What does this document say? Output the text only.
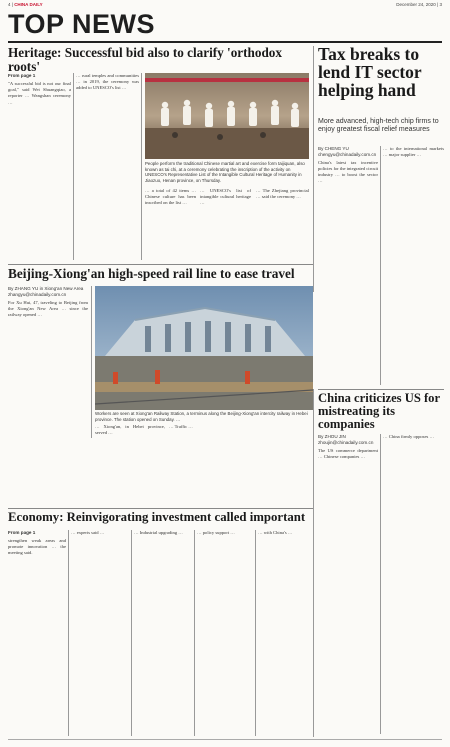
4 | CHINA DAILY	December 24, 2020 | 3
TOP NEWS
Heritage: Successful bid also to clarify 'orthodox roots'

From page 1

"A successful bid is not our final goal," said Wei Shuangqiao, a reporter … Wangshan ceremony …

… rural temples and communities … in 2019, the ceremony was added to UNESCO's list …
People perform the traditional Chinese martial art and exercise form taijiquan, also known as tai chi, at a ceremony celebrating the inscription of the activity on UNESCO's Representative List of the Intangible Cultural Heritage of Humanity in Jiaozuo, Henan province, on Thursday.
… a total of 42 items … Chinese culture has been inscribed on the list …
… UNESCO's list of intangible cultural heritage …
… The Zhejiang provincial … said the ceremony …
Tax breaks to lend IT sector helping hand
More advanced, high-tech chip firms to enjoy greatest fiscal relief measures
By CHENG YU
chengyu@chinadaily.com.cn
China's latest tax incentive policies for the integrated circuit industry … to boost the sector …
… to the international markets … major supplier …
Beijing-Xiong'an high-speed rail line to ease travel
By ZHANG YU in Xiong'an New Area
zhangyu@chinadaily.com.cn
For Xu Hui, 47, traveling to Beijing from the Xiong'an New Area … since the railway opened …
Workers are seen at Xiong'an Railway Station, a terminus along the Beijing-Xiong'an intercity railway in Hebei province. The station opened on Sunday. …
… Xiong'an, in Hebei province, served …
… Traffic …
China criticizes US for mistreating its companies
By ZHOU JIN
zhoujin@chinadaily.com.cn
The US commerce department … Chinese companies …
… China firmly opposes …
Economy: Reinvigorating investment called important

From page 1

strengthen weak areas and promote innovation … the meeting said.

… experts said …	… Industrial upgrading …	… policy support …	… with China's …
